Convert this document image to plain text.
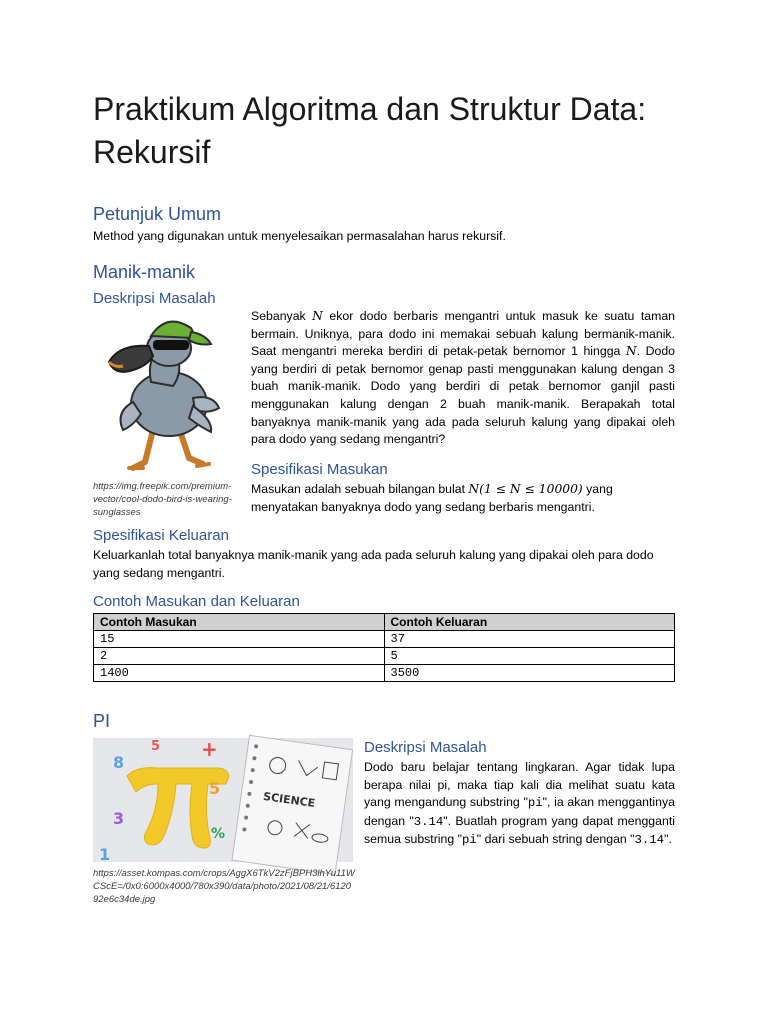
Praktikum Algoritma dan Struktur Data:
Rekursif
Petunjuk Umum
Method yang digunakan untuk menyelesaikan permasalahan harus rekursif.
Manik-manik
Deskripsi Masalah
https://img.freepik.com/premium-vector/cool-dodo-bird-is-wearing-sunglasses
Sebanyak N ekor dodo berbaris mengantri untuk masuk ke suatu taman bermain. Uniknya, para dodo ini memakai sebuah kalung bermanik-manik. Saat mengantri mereka berdiri di petak-petak bernomor 1 hingga N. Dodo yang berdiri di petak bernomor genap pasti menggunakan kalung dengan 3 buah manik-manik. Dodo yang berdiri di petak bernomor ganjil pasti menggunakan kalung dengan 2 buah manik-manik. Berapakah total banyaknya manik-manik yang ada pada seluruh kalung yang dipakai oleh para dodo yang sedang mengantri?
Spesifikasi Masukan
Masukan adalah sebuah bilangan bulat N(1 ≤ N ≤ 10000) yang menyatakan banyaknya dodo yang sedang berbaris mengantri.
Spesifikasi Keluaran
Keluarkanlah total banyaknya manik-manik yang ada pada seluruh kalung yang dipakai oleh para dodo yang sedang mengantri.
Contoh Masukan dan Keluaran
Contoh Masukan	Contoh Keluaran
15	37
2	5
1400	3500
PI
SCIENCE
8
5 +
5
3
1
%
https://asset.kompas.com/crops/AggX6TkV2zFjBPH3lhYu11WCScE=/0x0:6000x4000/780x390/data/photo/2021/08/21/612092e6c34de.jpg
Deskripsi Masalah
Dodo baru belajar tentang lingkaran. Agar tidak lupa berapa nilai pi, maka tiap kali dia melihat suatu kata yang mengandung substring "pi", ia akan menggantinya dengan "3.14". Buatlah program yang dapat mengganti semua substring "pi" dari sebuah string dengan "3.14".
